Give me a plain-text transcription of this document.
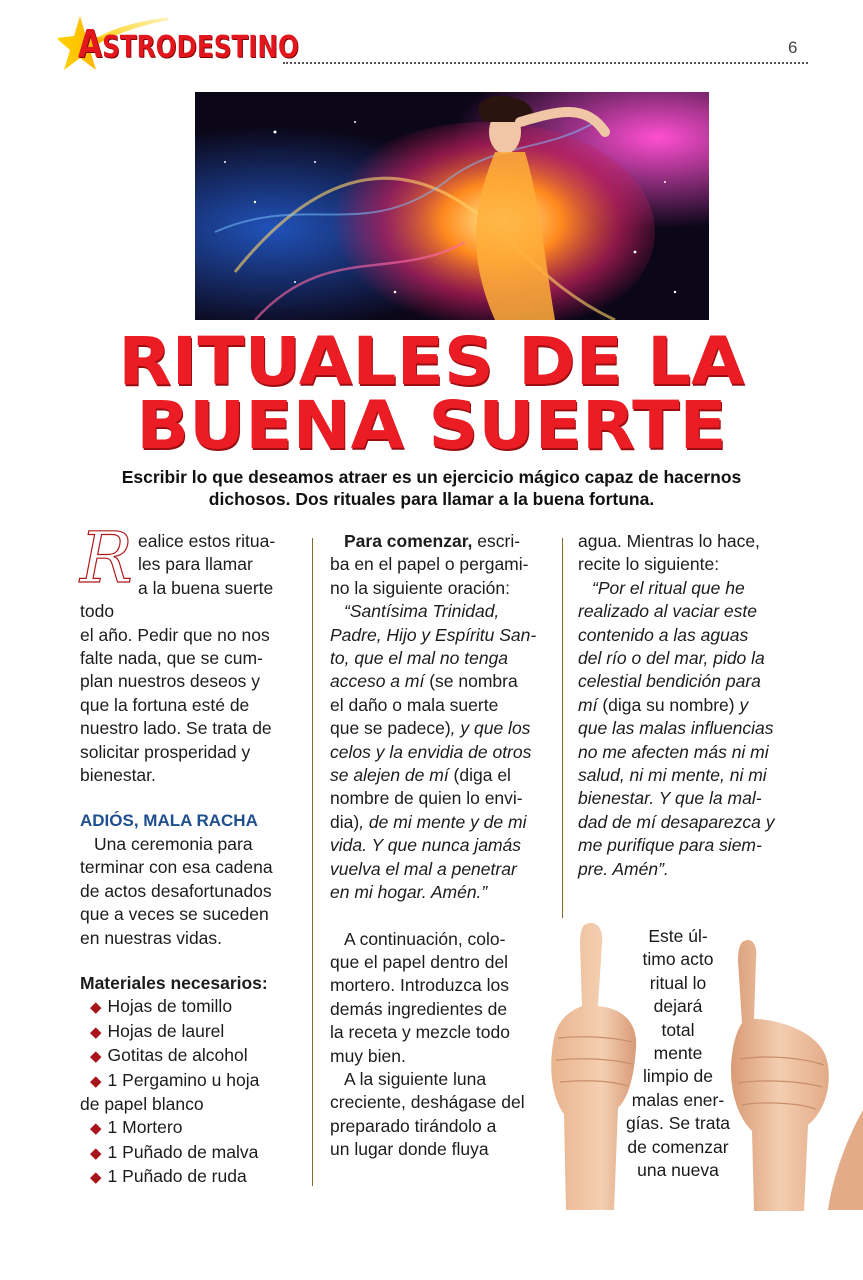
ASTRODESTINO	6
RITUALES DE LA
BUENA SUERTE
Escribir lo que deseamos atraer es un ejercicio mágico capaz de hacernos
dichosos. Dos rituales para llamar a la buena fortuna.
R ealice estos ritua-

les para llamar

a la buena suerte todo

el año. Pedir que no nos

falte nada, que se cum-

plan nuestros deseos y

que la fortuna esté de

nuestro lado. Se trata de

solicitar prosperidad y

bienestar.

ADIÓS, MALA RACHA

Una ceremonia para

terminar con esa cadena

de actos desafortunados

que a veces se suceden

en nuestras vidas.

Materiales necesarios:

◆ Hojas de tomillo

◆ Hojas de laurel

◆ Gotitas de alcohol

◆ 1 Pergamino u hoja

de papel blanco

◆ 1 Mortero

◆ 1 Puñado de malva

◆ 1 Puñado de ruda

Para comenzar, escri-

ba en el papel o pergami-

no la siguiente oración:

“Santísima Trinidad,

Padre, Hijo y Espíritu San-

to, que el mal no tenga

acceso a mí (se nombra

el daño o mala suerte

que se padece), y que los

celos y la envidia de otros

se alejen de mí (diga el

nombre de quien lo envi-

dia), de mi mente y de mi

vida. Y que nunca jamás

vuelva el mal a penetrar

en mi hogar. Amén.”

A continuación, colo-

que el papel dentro del

mortero. Introduzca los

demás ingredientes de

la receta y mezcle todo

muy bien.

A la siguiente luna

creciente, deshágase del

preparado tirándolo a

un lugar donde fluya

agua. Mientras lo hace,

recite lo siguiente:

“Por el ritual que he

realizado al vaciar este

contenido a las aguas

del río o del mar, pido la

celestial bendición para

mí (diga su nombre) y

que las malas influencias

no me afecten más ni mi

salud, ni mi mente, ni mi

bienestar. Y que la mal-

dad de mí desaparezca y

me purifique para siem-

pre. Amén”.

Este úl-

timo acto

ritual lo

dejará

total

mente

limpio de

malas ener-

gías. Se trata

de comenzar

una nueva
